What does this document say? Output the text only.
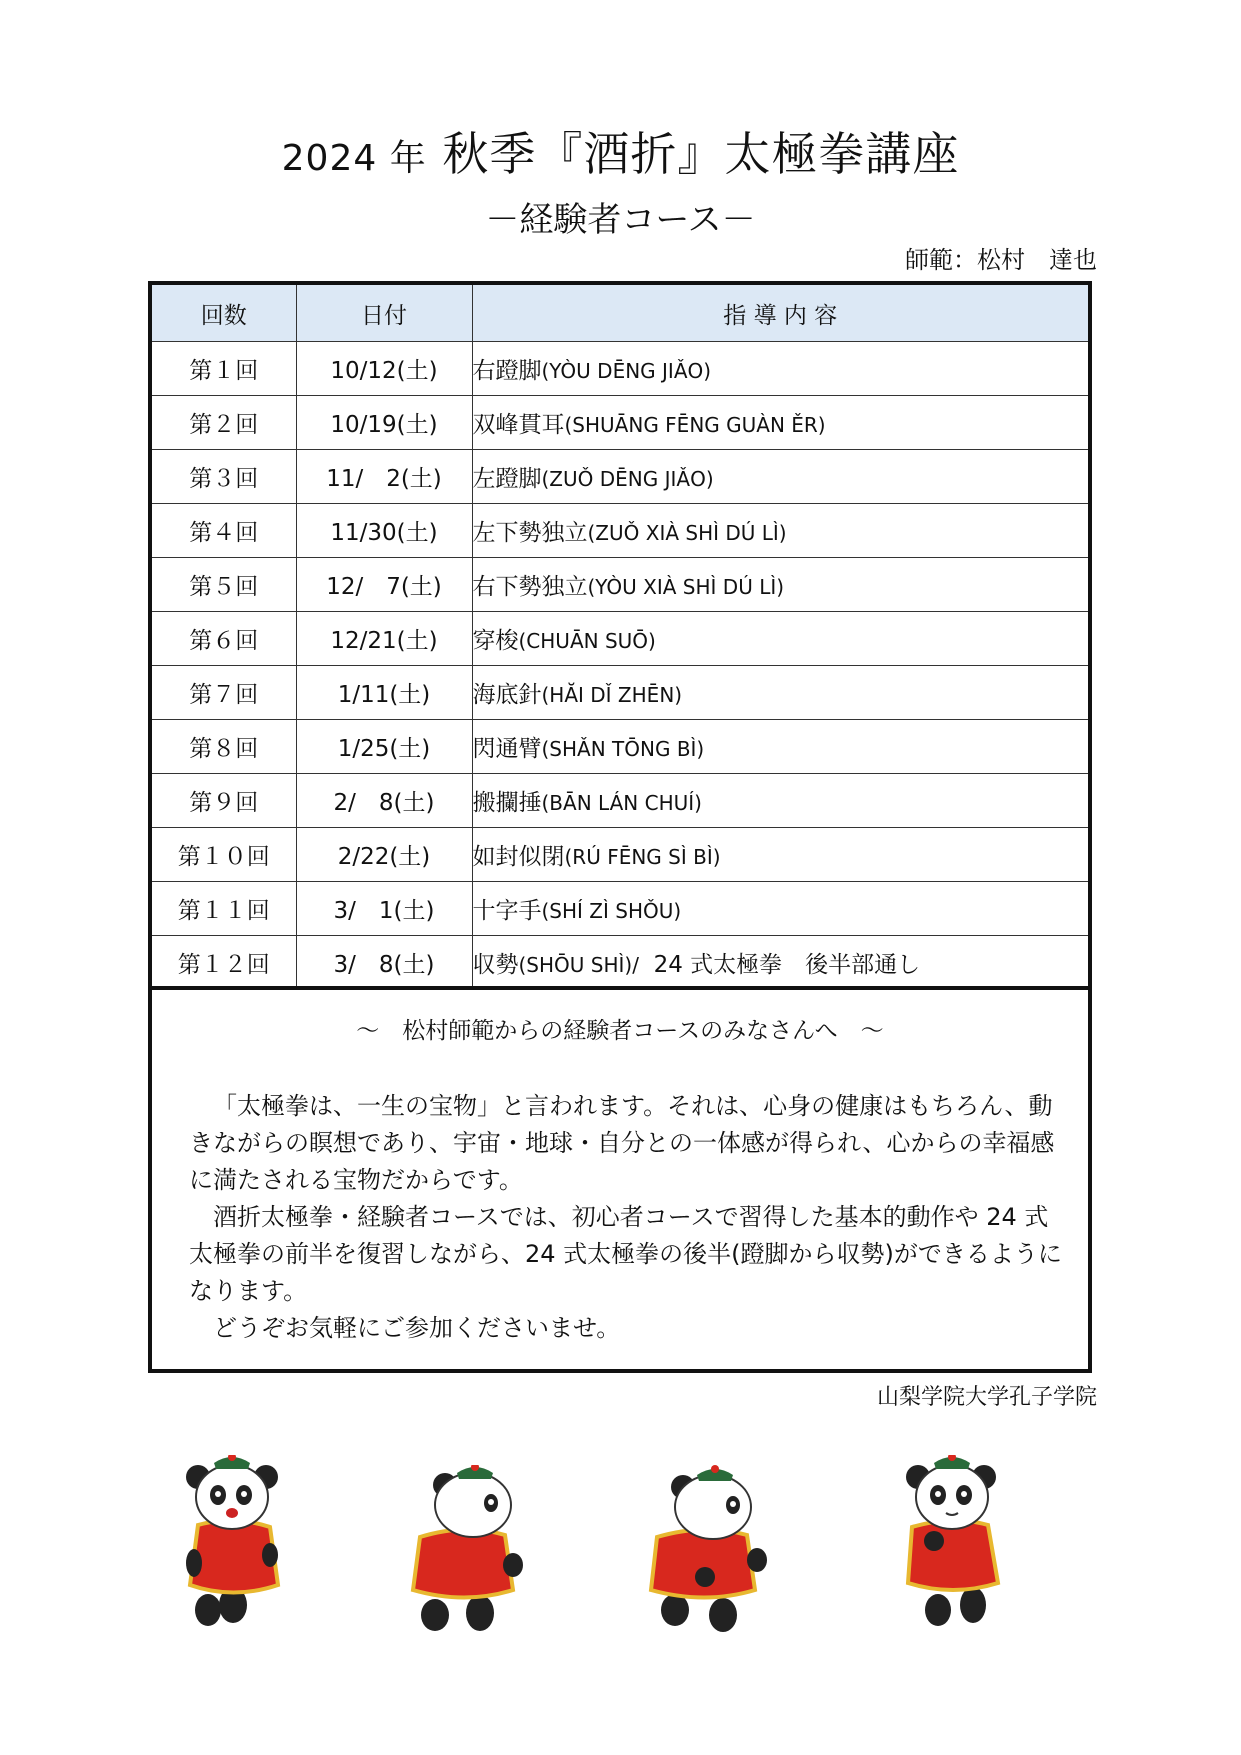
2024 年 秋季『酒折』太極拳講座
－経験者コース－
師範：松村　達也
回数	日付	指 導 内 容
第１回	10/12(土)	右蹬脚(YÒU DĒNG JIǍO)
第２回	10/19(土)	双峰貫耳(SHUĀNG FĒNG GUÀN ĚR)
第３回	11/　2(土)	左蹬脚(ZUǑ DĒNG JIǍO)
第４回	11/30(土)	左下勢独立(ZUǑ XIÀ SHÌ DÚ LÌ)
第５回	12/　7(土)	右下勢独立(YÒU XIÀ SHÌ DÚ LÌ)
第６回	12/21(土)	穿梭(CHUĀN SUŌ)
第７回	1/11(土)	海底針(HĂI DǏ ZHĒN)
第８回	1/25(土)	閃通臂(SHǍN TŌNG BÌ)
第９回	2/　8(土)	搬攔捶(BĀN LÁN CHUÍ)
第１０回	2/22(土)	如封似閉(RÚ FĒNG SÌ BÌ)
第１１回	3/　1(土)	十字手(SHÍ ZÌ SHǑU)
第１２回	3/　8(土)	収勢(SHŌU SHÌ)/ 24 式太極拳　後半部通し
～　松村師範からの経験者コースのみなさんへ　～

「太極拳は、一生の宝物」と言われます。それは、心身の健康はもちろん、動きながらの瞑想であり、宇宙・地球・自分との一体感が得られ、心からの幸福感に満たされる宝物だからです。

酒折太極拳・経験者コースでは、初心者コースで習得した基本的動作や 24 式太極拳の前半を復習しながら、24 式太極拳の後半(蹬脚から収勢)ができるようになります。

どうぞお気軽にご参加くださいませ。

山梨学院大学孔子学院
